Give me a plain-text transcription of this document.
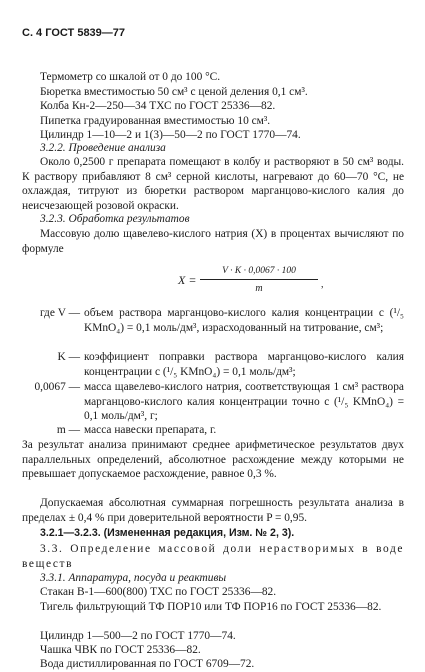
С. 4 ГОСТ 5839—77
Термометр со шкалой от 0 до 100 °С.
Бюретка вместимостью 50 см³ с ценой деления 0,1 см³.
Колба Кн-2—250—34 ТХС по ГОСТ 25336—82.
Пипетка градуированная вместимостью 10 см³.
Цилиндр 1—10—2 и 1(3)—50—2 по ГОСТ 1770—74.
3.2.2. Проведение анализа
Около 0,2500 г препарата помещают в колбу и растворяют в 50 см³ воды. К раствору прибавляют 8 см³ серной кислоты, нагревают до 60—70 °С, не охлаждая, титруют из бюретки раствором марганцово-кислого калия до неисчезающей розовой окраски.
3.2.3. Обработка результатов
Массовую долю щавелево-кислого натрия (X) в процентах вычисляют по формуле
X =
V · K · 0,0067 · 100
m	,
где V — объем раствора марганцово-кислого калия концентрации c (¹/₅ KMnO₄) = 0,1 моль/дм³, израсходованный на титрование, см³;
K — коэффициент поправки раствора марганцово-кислого калия концентрации c (¹/₅ KMnO₄) = 0,1 моль/дм³;
0,0067 — масса щавелево-кислого натрия, соответствующая 1 см³ раствора марганцово-кислого калия концентрации точно c (¹/₅ KMnO₄) = 0,1 моль/дм³, г;
m — масса навески препарата, г.
За результат анализа принимают среднее арифметическое результатов двух параллельных определений, абсолютное расхождение между которыми не превышает допускаемое расхождение, равное 0,3 %.
Допускаемая абсолютная суммарная погрешность результата анализа в пределах ± 0,4 % при доверительной вероятности P = 0,95.
3.2.1—3.2.3. (Измененная редакция, Изм. № 2, 3).
3.3. Определение массовой доли нерастворимых в воде веществ
3.3.1. Аппаратура, посуда и реактивы
Стакан В-1—600(800) ТХС по ГОСТ 25336—82.
Тигель фильтрующий ТФ ПОР10 или ТФ ПОР16 по ГОСТ 25336—82.
Цилиндр 1—500—2 по ГОСТ 1770—74.
Чашка ЧВК по ГОСТ 25336—82.
Вода дистиллированная по ГОСТ 6709—72.
